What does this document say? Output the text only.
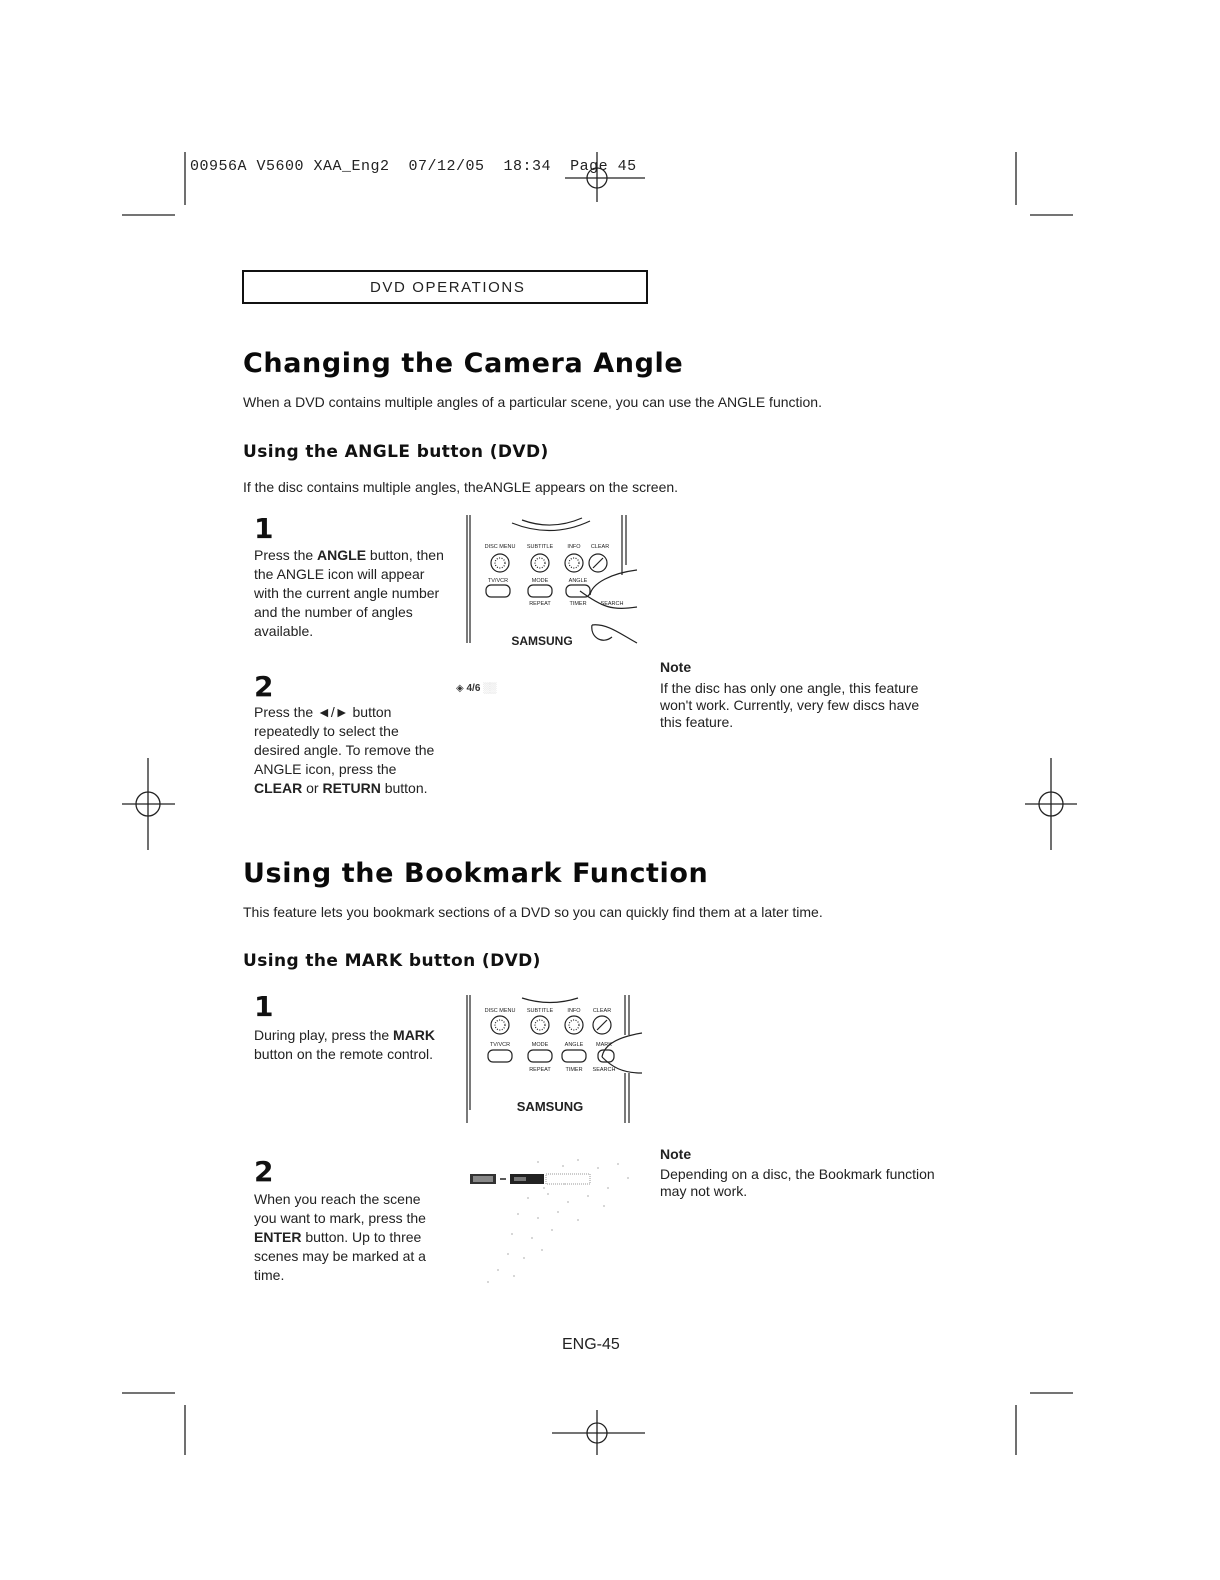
00956A V5600 XAA_Eng2  07/12/05  18:34 Page 45
DVD OPERATIONS
Changing the Camera Angle
When a DVD contains multiple angles of a particular scene, you can use the ANGLE function.
Using the ANGLE button (DVD)
If the disc contains multiple angles, theANGLE appears on the screen.
1
Press the ANGLE button, then the ANGLE icon will appear with the current angle number and the number of angles available.
DISC MENU SUBTITLE	INFO CLEAR
TV/VCR	MODE	ANGLE
REPEAT	TIMER	SEARCH
SAMSUNG
2
Press the ◄/► button repeatedly to select the desired angle. To remove the ANGLE icon, press the CLEAR or RETURN button.
◈ 4/6 ░░
Note
If the disc has only one angle, this feature won't work. Currently, very few discs have this feature.
Using the Bookmark Function
This feature lets you bookmark sections of a DVD so you can quickly find them at a later time.
Using the MARK button (DVD)
1
During play, press the MARK button on the remote control.
DISC MENU SUBTITLE	INFO CLEAR
TV/VCR	MODE	ANGLE MARK
REPEAT	TIMER SEARCH
SAMSUNG
2
When you reach the scene you want to mark, press the ENTER button. Up to three scenes may be marked at a time.
Note
Depending on a disc, the Bookmark function may not work.
ENG-45
